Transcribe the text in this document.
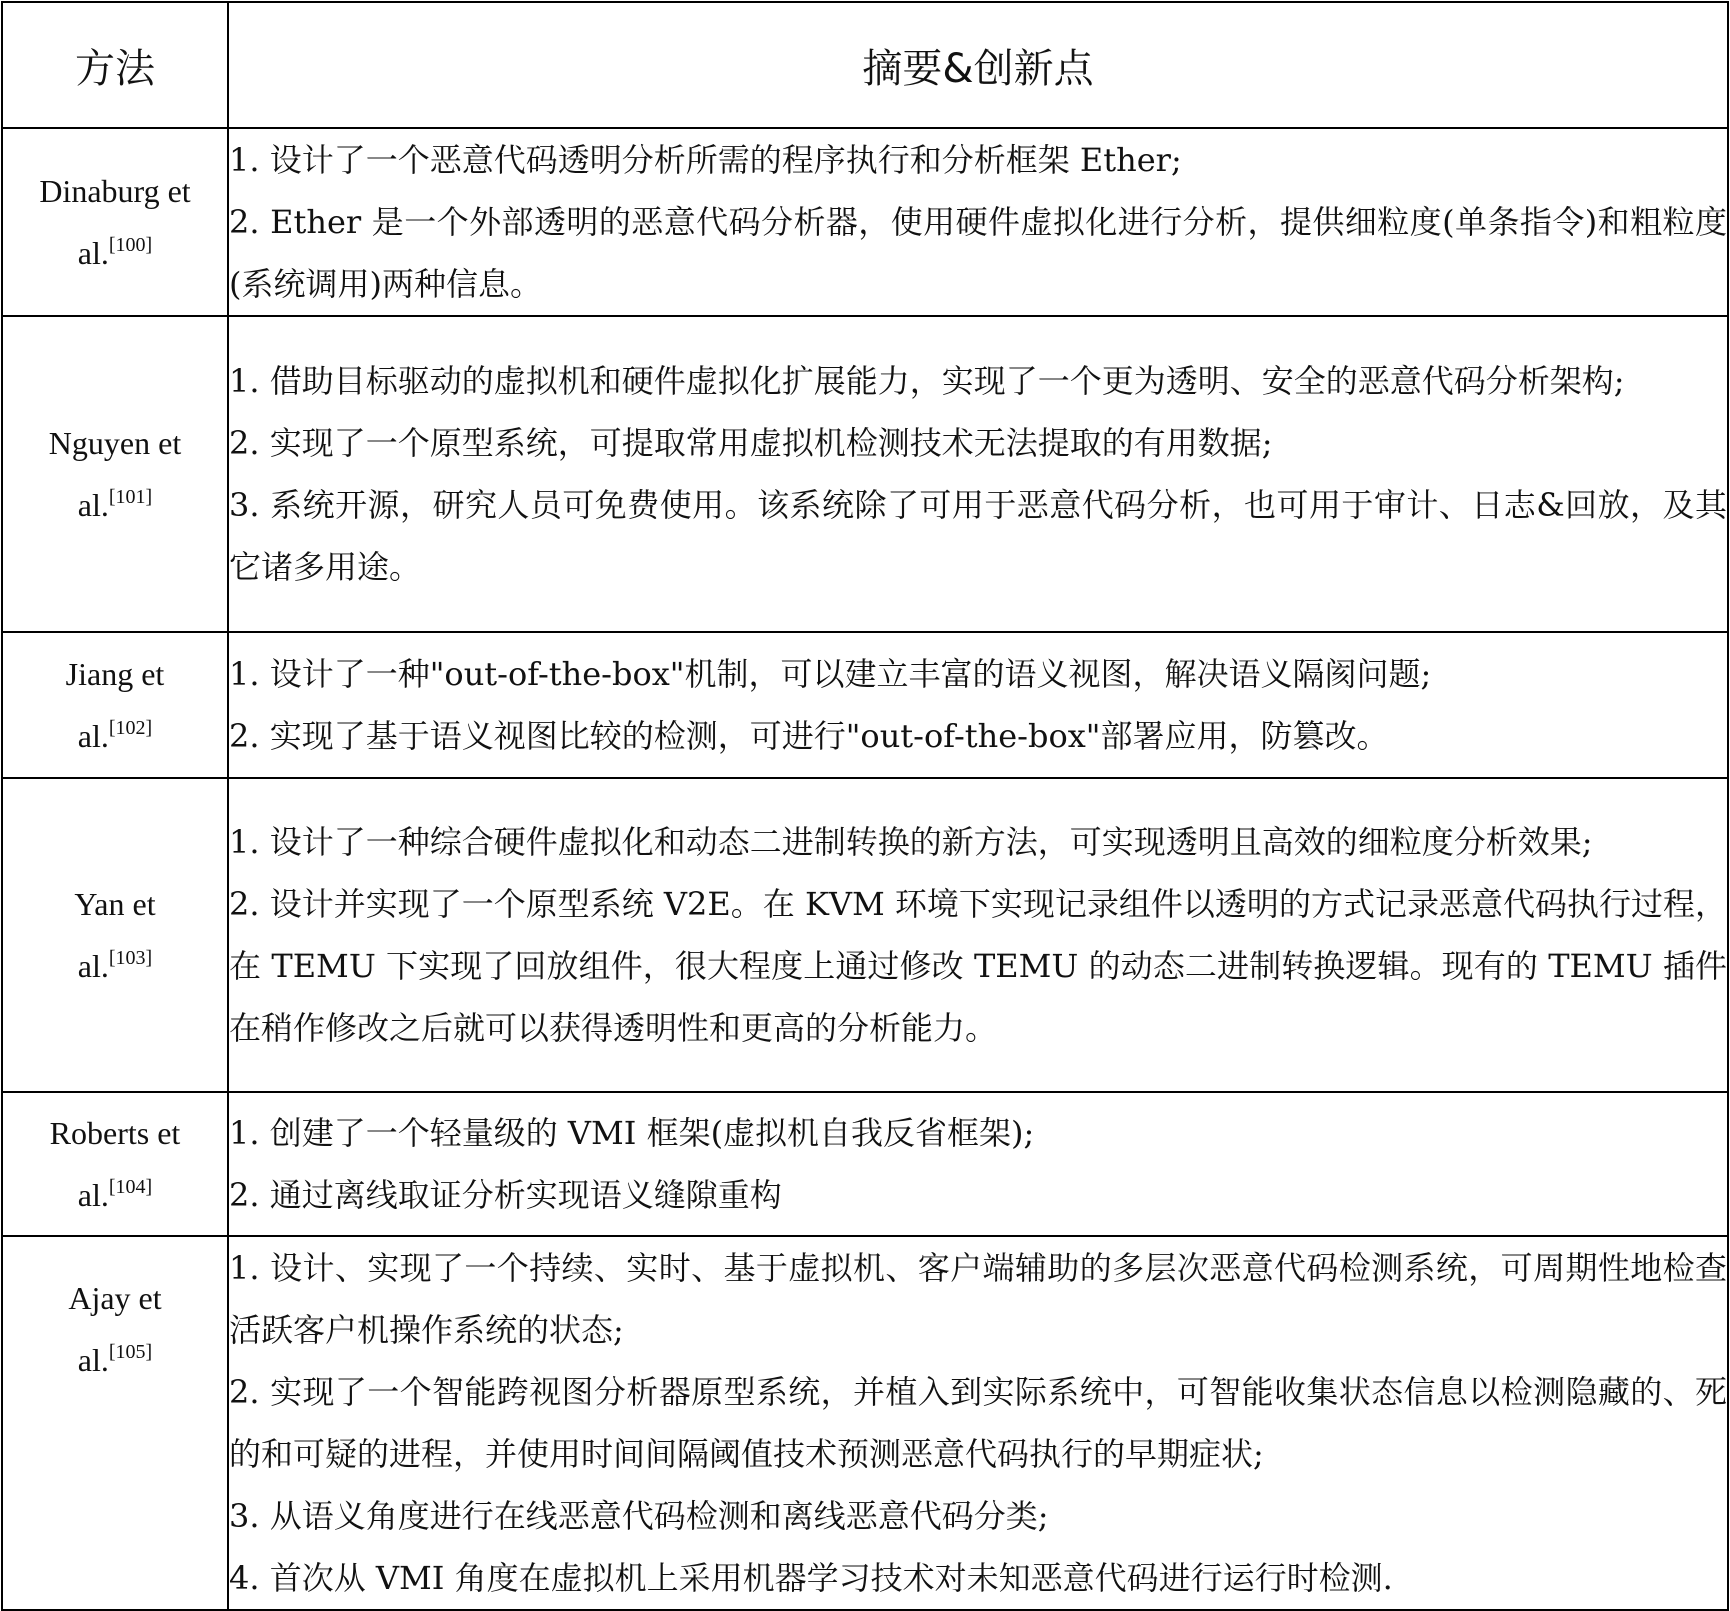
方法	摘要&创新点
Dinaburg et
al.[100]	1. 设计了一个恶意代码透明分析所需的程序执行和分析框架 Ether;
2. Ether 是一个外部透明的恶意代码分析器，使用硬件虚拟化进行分析，提供细粒度(单条指令)和粗粒度(系统调用)两种信息。

Nguyen et
al.[101]	1. 借助目标驱动的虚拟机和硬件虚拟化扩展能力，实现了一个更为透明、安全的恶意代码分析架构;
2. 实现了一个原型系统，可提取常用虚拟机检测技术无法提取的有用数据;
3. 系统开源，研究人员可免费使用。该系统除了可用于恶意代码分析，也可用于审计、日志&回放，及其它诸多用途。

Jiang et
al.[102]	1. 设计了一种"out-of-the-box"机制，可以建立丰富的语义视图，解决语义隔阂问题;
2. 实现了基于语义视图比较的检测，可进行"out-of-the-box"部署应用，防篡改。

Yan et
al.[103]	1. 设计了一种综合硬件虚拟化和动态二进制转换的新方法，可实现透明且高效的细粒度分析效果;
2. 设计并实现了一个原型系统 V2E。在 KVM 环境下实现记录组件以透明的方式记录恶意代码执行过程，在 TEMU 下实现了回放组件，很大程度上通过修改 TEMU 的动态二进制转换逻辑。现有的 TEMU 插件在稍作修改之后就可以获得透明性和更高的分析能力。

Roberts et
al.[104]	1. 创建了一个轻量级的 VMI 框架(虚拟机自我反省框架);
2. 通过离线取证分析实现语义缝隙重构

Ajay et
al.[105]	1. 设计、实现了一个持续、实时、基于虚拟机、客户端辅助的多层次恶意代码检测系统，可周期性地检查活跃客户机操作系统的状态;
2. 实现了一个智能跨视图分析器原型系统，并植入到实际系统中，可智能收集状态信息以检测隐藏的、死的和可疑的进程，并使用时间间隔阈值技术预测恶意代码执行的早期症状;
3. 从语义角度进行在线恶意代码检测和离线恶意代码分类;
4. 首次从 VMI 角度在虚拟机上采用机器学习技术对未知恶意代码进行运行时检测.
